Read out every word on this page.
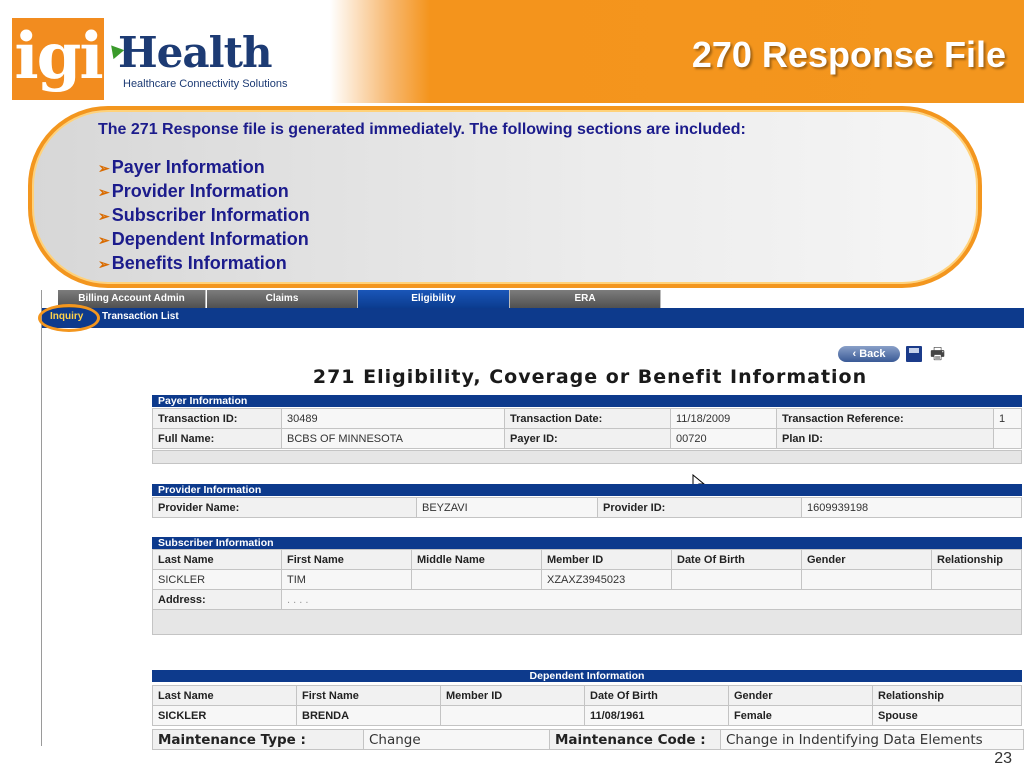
igi Health
Healthcare Connectivity Solutions
270 Response File
The 271 Response file is generated immediately. The following sections are included:
➢ Payer Information
➢ Provider Information
➢ Subscriber Information
➢ Dependent Information
➢ Benefits Information
Billing Account Admin	Claims	Eligibility	ERA
Inquiry Transaction List
‹ Back	🖶
271 Eligibility, Coverage or Benefit Information
Payer Information
Transaction ID:	30489	Transaction Date:	11/18/2009	Transaction Reference:	1
Full Name:	BCBS OF MINNESOTA	Payer ID:	00720	Plan ID:	
Provider Information
Provider Name:	BEYZAVI	Provider ID:	1609939198
Subscriber Information
Last Name	First Name	Middle Name	Member ID	Date Of Birth	Gender	Relationship
SICKLER	TIM		XZAXZ3945023			
Address:	. . . .					
Dependent Information
Last Name	First Name	Member ID	Date Of Birth	Gender	Relationship
SICKLER	BRENDA		11/08/1961	Female	Spouse
Maintenance Type :	Change	Maintenance Code :	Change in Indentifying Data Elements
23
